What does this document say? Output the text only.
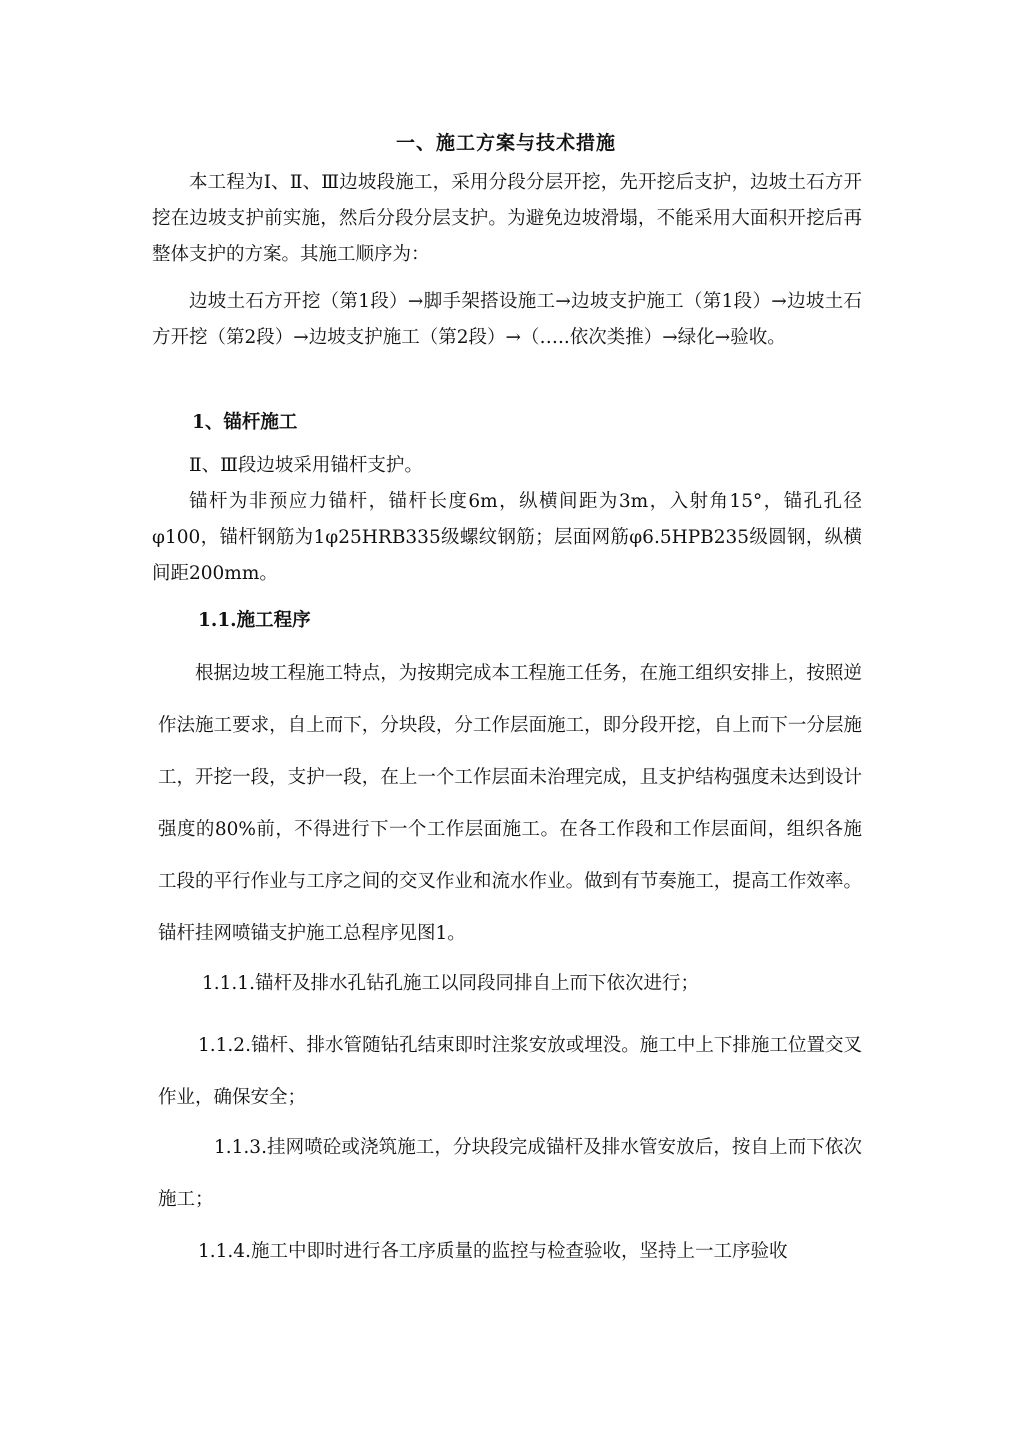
一、施工方案与技术措施

本工程为Ⅰ、Ⅱ、Ⅲ边坡段施工，采用分段分层开挖，先开挖后支护，边坡土石方开挖在边坡支护前实施，然后分段分层支护。为避免边坡滑塌，不能采用大面积开挖后再整体支护的方案。其施工顺序为：

边坡土石方开挖（第1段）→脚手架搭设施工→边坡支护施工（第1段）→边坡土石方开挖（第2段）→边坡支护施工（第2段）→（…..依次类推）→绿化→验收。

1、锚杆施工

Ⅱ、Ⅲ段边坡采用锚杆支护。

锚杆为非预应力锚杆，锚杆长度6m，纵横间距为3m，入射角15°，锚孔孔径φ100，锚杆钢筋为1φ25HRB335级螺纹钢筋；层面网筋φ6.5HPB235级圆钢，纵横间距200mm。

1.1.施工程序

根据边坡工程施工特点，为按期完成本工程施工任务，在施工组织安排上，按照逆作法施工要求，自上而下，分块段，分工作层面施工，即分段开挖，自上而下一分层施工，开挖一段，支护一段，在上一个工作层面未治理完成，且支护结构强度未达到设计强度的80%前，不得进行下一个工作层面施工。在各工作段和工作层面间，组织各施工段的平行作业与工序之间的交叉作业和流水作业。做到有节奏施工，提高工作效率。锚杆挂网喷锚支护施工总程序见图1。

1.1.1.锚杆及排水孔钻孔施工以同段同排自上而下依次进行；

1.1.2.锚杆、排水管随钻孔结束即时注浆安放或埋没。施工中上下排施工位置交叉作业，确保安全；

1.1.3.挂网喷砼或浇筑施工，分块段完成锚杆及排水管安放后，按自上而下依次施工；

1.1.4.施工中即时进行各工序质量的监控与检查验收，坚持上一工序验收
